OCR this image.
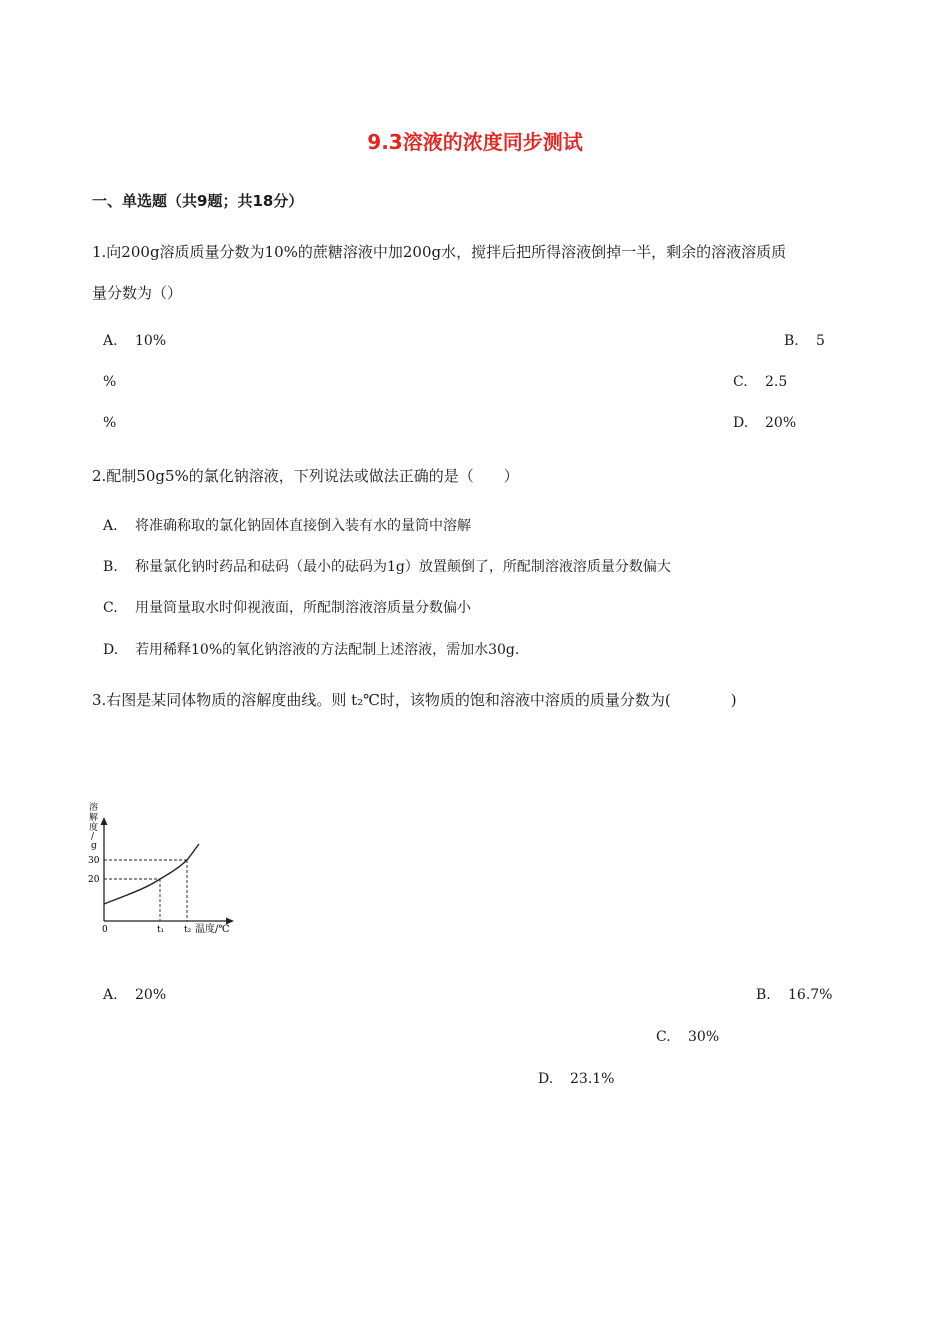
9.3溶液的浓度同步测试
一、单选题（共9题；共18分）
1.向200g溶质质量分数为10%的蔗糖溶液中加200g水，搅拌后把所得溶液倒掉一半，剩余的溶液溶质质
量分数为（）
A. 10%	B. 5
%	C. 2.5
%	D. 20%
2.配制50g5%的氯化钠溶液，下列说法或做法正确的是（　　）
A. 将准确称取的氯化钠固体直接倒入装有水的量筒中溶解
B. 称量氯化钠时药品和砝码（最小的砝码为1g）放置颠倒了，所配制溶液溶质量分数偏大
C. 用量筒量取水时仰视液面，所配制溶液溶质量分数偏小
D. 若用稀释10%的氧化钠溶液的方法配制上述溶液，需加水30g.
3.右图是某同体物质的溶解度曲线。则 t₂℃时，该物质的饱和溶液中溶质的质量分数为(　　　　)
溶
解
度
/
g
30
20
0	t₁ t₂ 温度/℃
A. 20%	B. 16.7%
C. 30%
D. 23.1%
